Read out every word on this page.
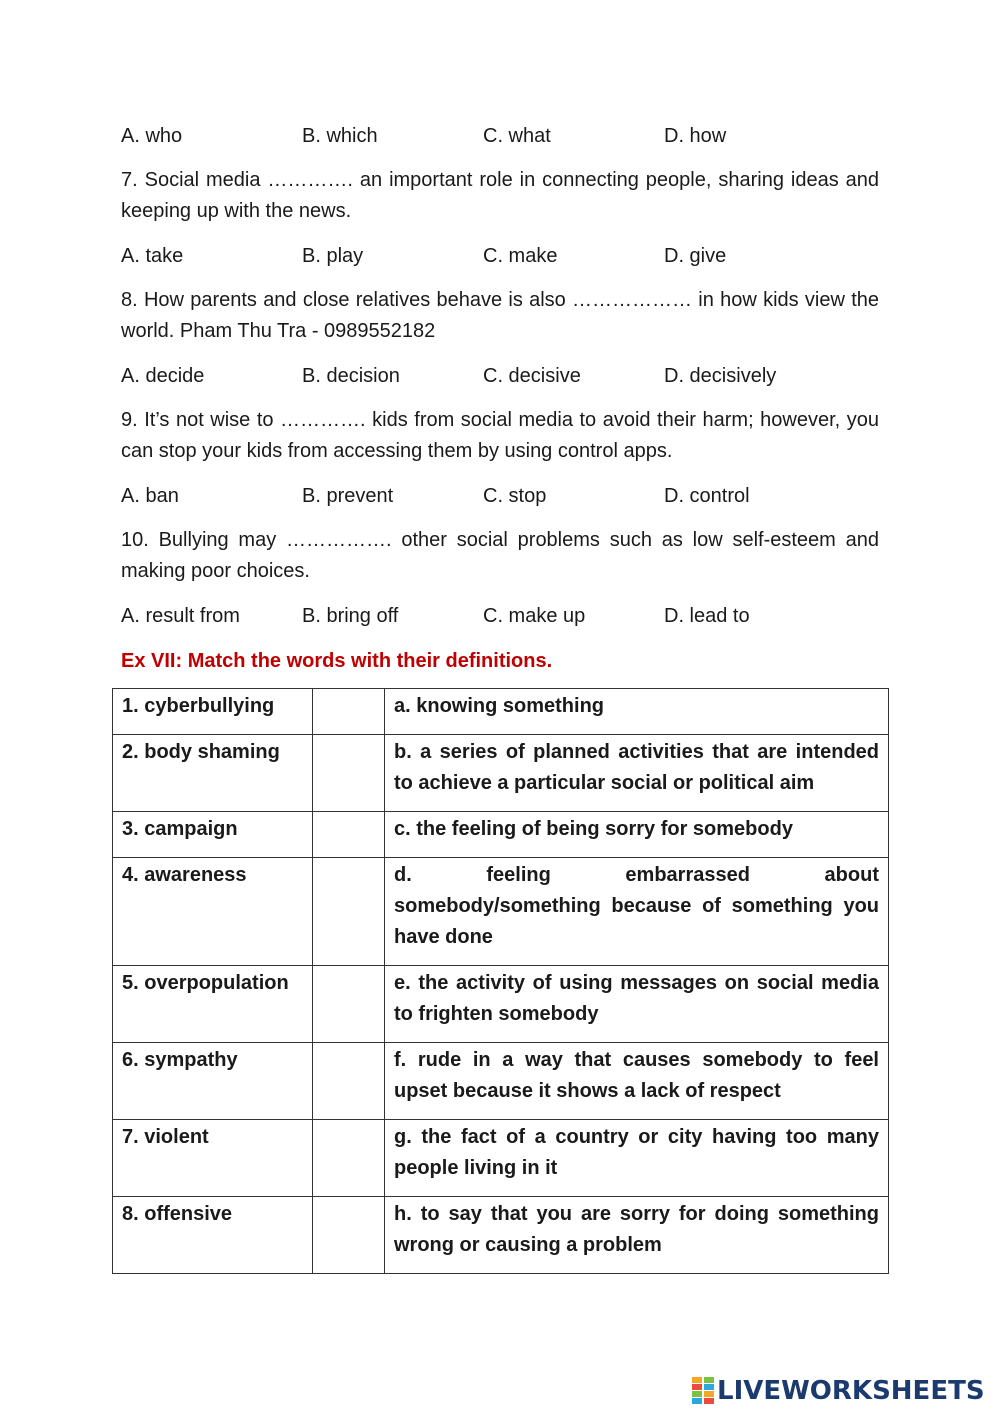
A. who	B. which	C. what	D. how
7. Social media …………. an important role in connecting people, sharing ideas and keeping up with the news.
A. take	B. play	C. make	D. give
8. How parents and close relatives behave is also ……………… in how kids view the world. Pham Thu Tra - 0989552182
A. decide	B. decision	C. decisive	D. decisively
9. It’s not wise to …………. kids from social media to avoid their harm; however, you can stop your kids from accessing them by using control apps.
A. ban	B. prevent	C. stop	D. control
10. Bullying may ……………. other social problems such as low self-esteem and making poor choices.
A. result from	B. bring off	C. make up	D. lead to
Ex VII: Match the words with their definitions.
1. cyberbullying		a. knowing something
2. body shaming		b. a series of planned activities that are intended to achieve a particular social or political aim
3. campaign		c. the feeling of being sorry for somebody
4. awareness		d. feeling embarrassed about somebody/something because of something you have done
5. overpopulation		e. the activity of using messages on social media to frighten somebody
6. sympathy		f. rude in a way that causes somebody to feel upset because it shows a lack of respect
7. violent		g. the fact of a country or city having too many people living in it
8. offensive		h. to say that you are sorry for doing something wrong or causing a problem
LIVEWORKSHEETS
